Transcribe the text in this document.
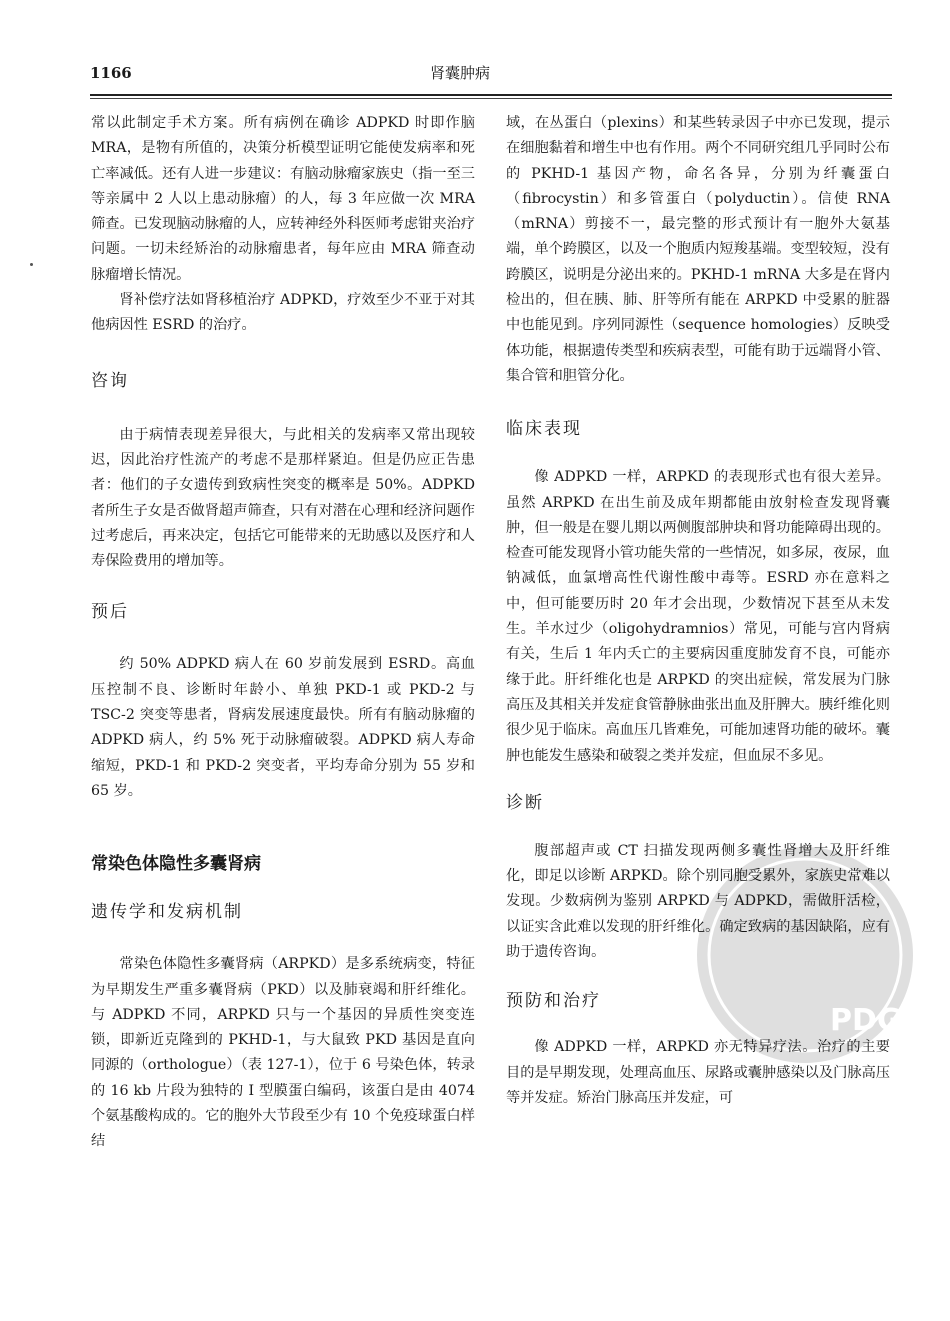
1166	肾囊肿病

常以此制定手术方案。所有病例在确诊 ADPKD 时即作脑 MRA，是物有所值的，决策分析模型证明它能使发病率和死亡率减低。还有人进一步建议：有脑动脉瘤家族史（指一至三等亲属中 2 人以上患动脉瘤）的人，每 3 年应做一次 MRA 筛查。已发现脑动脉瘤的人，应转神经外科医师考虑钳夹治疗问题。一切未经矫治的动脉瘤患者，每年应由 MRA 筛查动脉瘤增长情况。

肾补偿疗法如肾移植治疗 ADPKD，疗效至少不亚于对其他病因性 ESRD 的治疗。

咨询

由于病情表现差异很大，与此相关的发病率又常出现较迟，因此治疗性流产的考虑不是那样紧迫。但是仍应正告患者：他们的子女遗传到致病性突变的概率是 50%。ADPKD 者所生子女是否做肾超声筛查，只有对潜在心理和经济问题作过考虑后，再来决定，包括它可能带来的无助感以及医疗和人寿保险费用的增加等。

预后

约 50% ADPKD 病人在 60 岁前发展到 ESRD。高血压控制不良、诊断时年龄小、单独 PKD-1 或 PKD-2 与 TSC-2 突变等患者，肾病发展速度最快。所有有脑动脉瘤的 ADPKD 病人，约 5% 死于动脉瘤破裂。ADPKD 病人寿命缩短，PKD-1 和 PKD-2 突变者，平均寿命分别为 55 岁和 65 岁。

常染色体隐性多囊肾病
遗传学和发病机制

常染色体隐性多囊肾病（ARPKD）是多系统病变，特征为早期发生严重多囊肾病（PKD）以及肺衰竭和肝纤维化。与 ADPKD 不同，ARPKD 只与一个基因的异质性突变连锁，即新近克隆到的 PKHD-1，与大鼠致 PKD 基因是直向同源的（orthologue）（表 127-1），位于 6 号染色体，转录的 16 kb 片段为独特的 I 型膜蛋白编码，该蛋白是由 4074 个氨基酸构成的。它的胞外大节段至少有 10 个免疫球蛋白样结

域，在丛蛋白（plexins）和某些转录因子中亦已发现，提示在细胞黏着和增生中也有作用。两个不同研究组几乎同时公布的 PKHD-1 基因产物，命名各异，分别为纤囊蛋白（fibrocystin）和多管蛋白（polyductin）。信使 RNA（mRNA）剪接不一，最完整的形式预计有一胞外大氨基端，单个跨膜区，以及一个胞质内短羧基端。变型较短，没有跨膜区，说明是分泌出来的。PKHD-1 mRNA 大多是在肾内检出的，但在胰、肺、肝等所有能在 ARPKD 中受累的脏器中也能见到。序列同源性（sequence homologies）反映受体功能，根据遗传类型和疾病表型，可能有助于远端肾小管、集合管和胆管分化。

临床表现

像 ADPKD 一样，ARPKD 的表现形式也有很大差异。虽然 ARPKD 在出生前及成年期都能由放射检查发现肾囊肿，但一般是在婴儿期以两侧腹部肿块和肾功能障碍出现的。检查可能发现肾小管功能失常的一些情况，如多尿，夜尿，血钠减低，血氯增高性代谢性酸中毒等。ESRD 亦在意料之中，但可能要历时 20 年才会出现，少数情况下甚至从未发生。羊水过少（oligohydramnios）常见，可能与宫内肾病有关，生后 1 年内夭亡的主要病因重度肺发育不良，可能亦缘于此。肝纤维化也是 ARPKD 的突出症候，常发展为门脉高压及其相关并发症食管静脉曲张出血及肝脾大。胰纤维化则很少见于临床。高血压几皆难免，可能加速肾功能的破坏。囊肿也能发生感染和破裂之类并发症，但血尿不多见。

诊断

腹部超声或 CT 扫描发现两侧多囊性肾增大及肝纤维化，即足以诊断 ARPKD。除个别同胞受累外，家族史常难以发现。少数病例为鉴别 ARPKD 与 ADPKD，需做肝活检，以证实含此难以发现的肝纤维化。确定致病的基因缺陷，应有助于遗传咨询。

预防和治疗

像 ADPKD 一样，ARPKD 亦无特异疗法。治疗的主要目的是早期发现，处理高血压、尿路或囊肿感染以及门脉高压等并发症。矫治门脉高压并发症，可

PDG
